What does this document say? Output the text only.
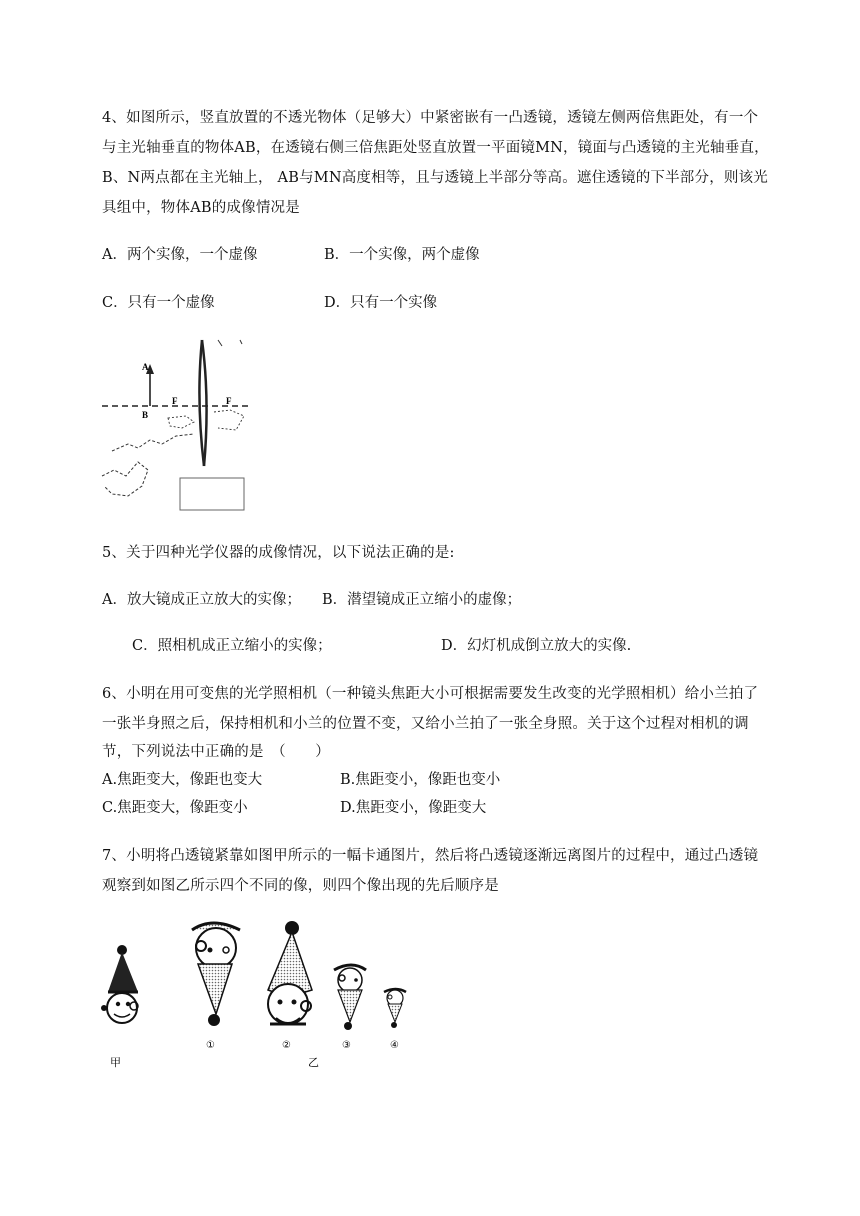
4、如图所示，竖直放置的不透光物体（足够大）中紧密嵌有一凸透镜，透镜左侧两倍焦距处，有一个
与主光轴垂直的物体AB，在透镜右侧三倍焦距处竖直放置一平面镜MN，镜面与凸透镜的主光轴垂直，
B、N两点都在主光轴上， AB与MN高度相等，且与透镜上半部分等高。遮住透镜的下半部分，则该光
具组中，物体AB的成像情况是
A．两个实像，一个虚像	B．一个实像，两个虚像
C．只有一个虚像	D．只有一个实像
A
B
F	F
5、关于四种光学仪器的成像情况，以下说法正确的是:
A．放大镜成正立放大的实像； B．潜望镜成正立缩小的虚像；
C．照相机成正立缩小的实像；	D．幻灯机成倒立放大的实像.
6、小明在用可变焦的光学照相机（一种镜头焦距大小可根据需要发生改变的光学照相机）给小兰拍了
一张半身照之后，保持相机和小兰的位置不变，又给小兰拍了一张全身照。关于这个过程对相机的调
节，下列说法中正确的是　（　　）
A.焦距变大，像距也变大	B.焦距变小，像距也变小
C.焦距变大，像距变小	D.焦距变小，像距变大
7、小明将凸透镜紧靠如图甲所示的一幅卡通图片，然后将凸透镜逐渐远离图片的过程中，通过凸透镜
观察到如图乙所示四个不同的像，则四个像出现的先后顺序是
甲
①	②	③	④
乙
